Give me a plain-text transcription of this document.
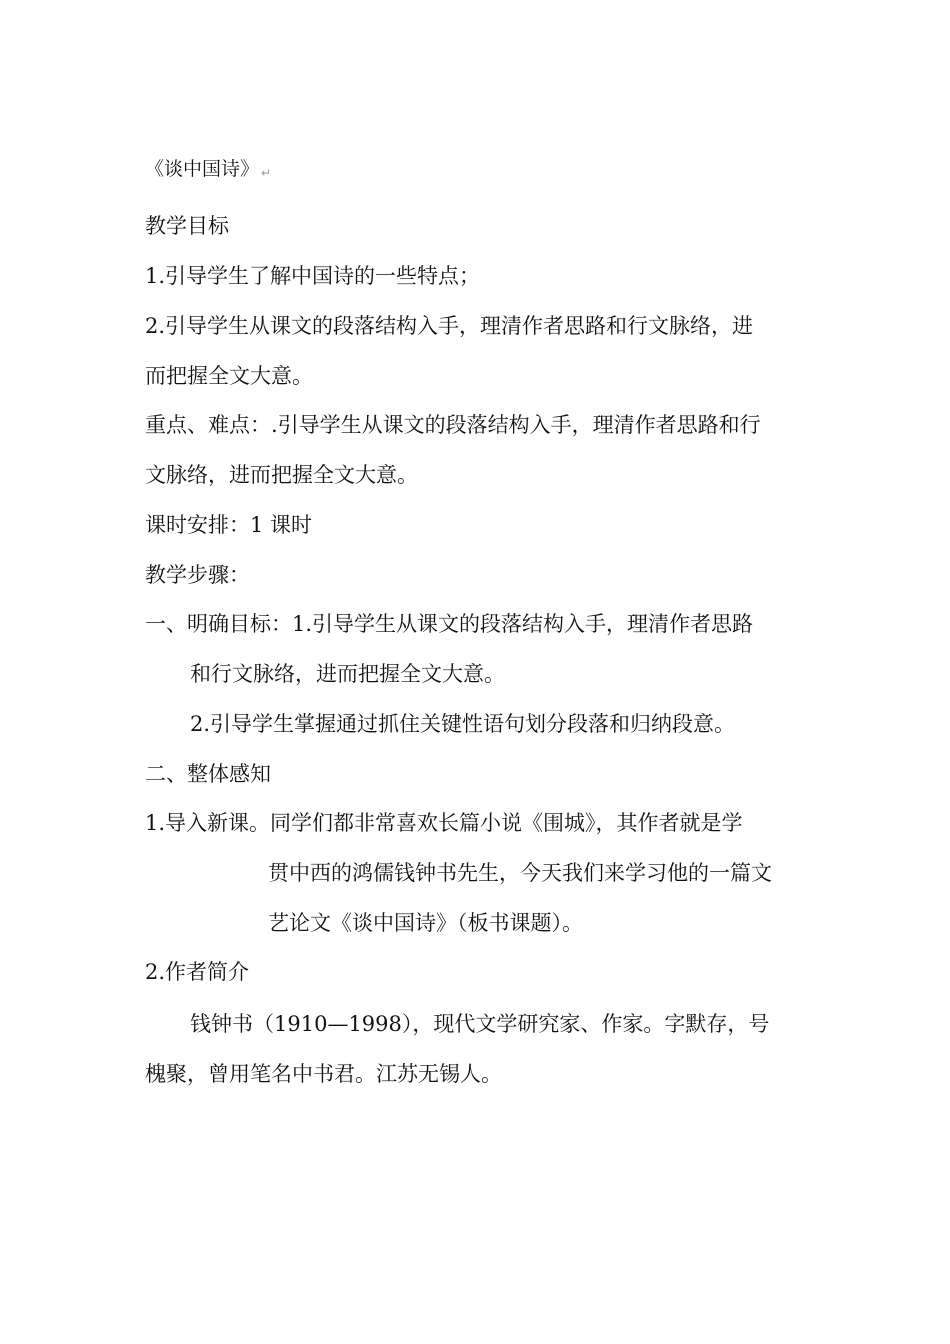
《谈中国诗》 ↵
教学目标
1.引导学生了解中国诗的一些特点；
2.引导学生从课文的段落结构入手，理清作者思路和行文脉络，进
而把握全文大意。
重点、难点：.引导学生从课文的段落结构入手，理清作者思路和行
文脉络，进而把握全文大意。
课时安排：1 课时
教学步骤：
一、明确目标：1.引导学生从课文的段落结构入手，理清作者思路
和行文脉络，进而把握全文大意。
2.引导学生掌握通过抓住关键性语句划分段落和归纳段意。
二、整体感知
1.导入新课。同学们都非常喜欢长篇小说《围城》，其作者就是学
贯中西的鸿儒钱钟书先生，今天我们来学习他的一篇文
艺论文《谈中国诗》（板书课题）。
2.作者简介
钱钟书（1910—1998），现代文学研究家、作家。字默存，号
槐聚，曾用笔名中书君。江苏无锡人。
